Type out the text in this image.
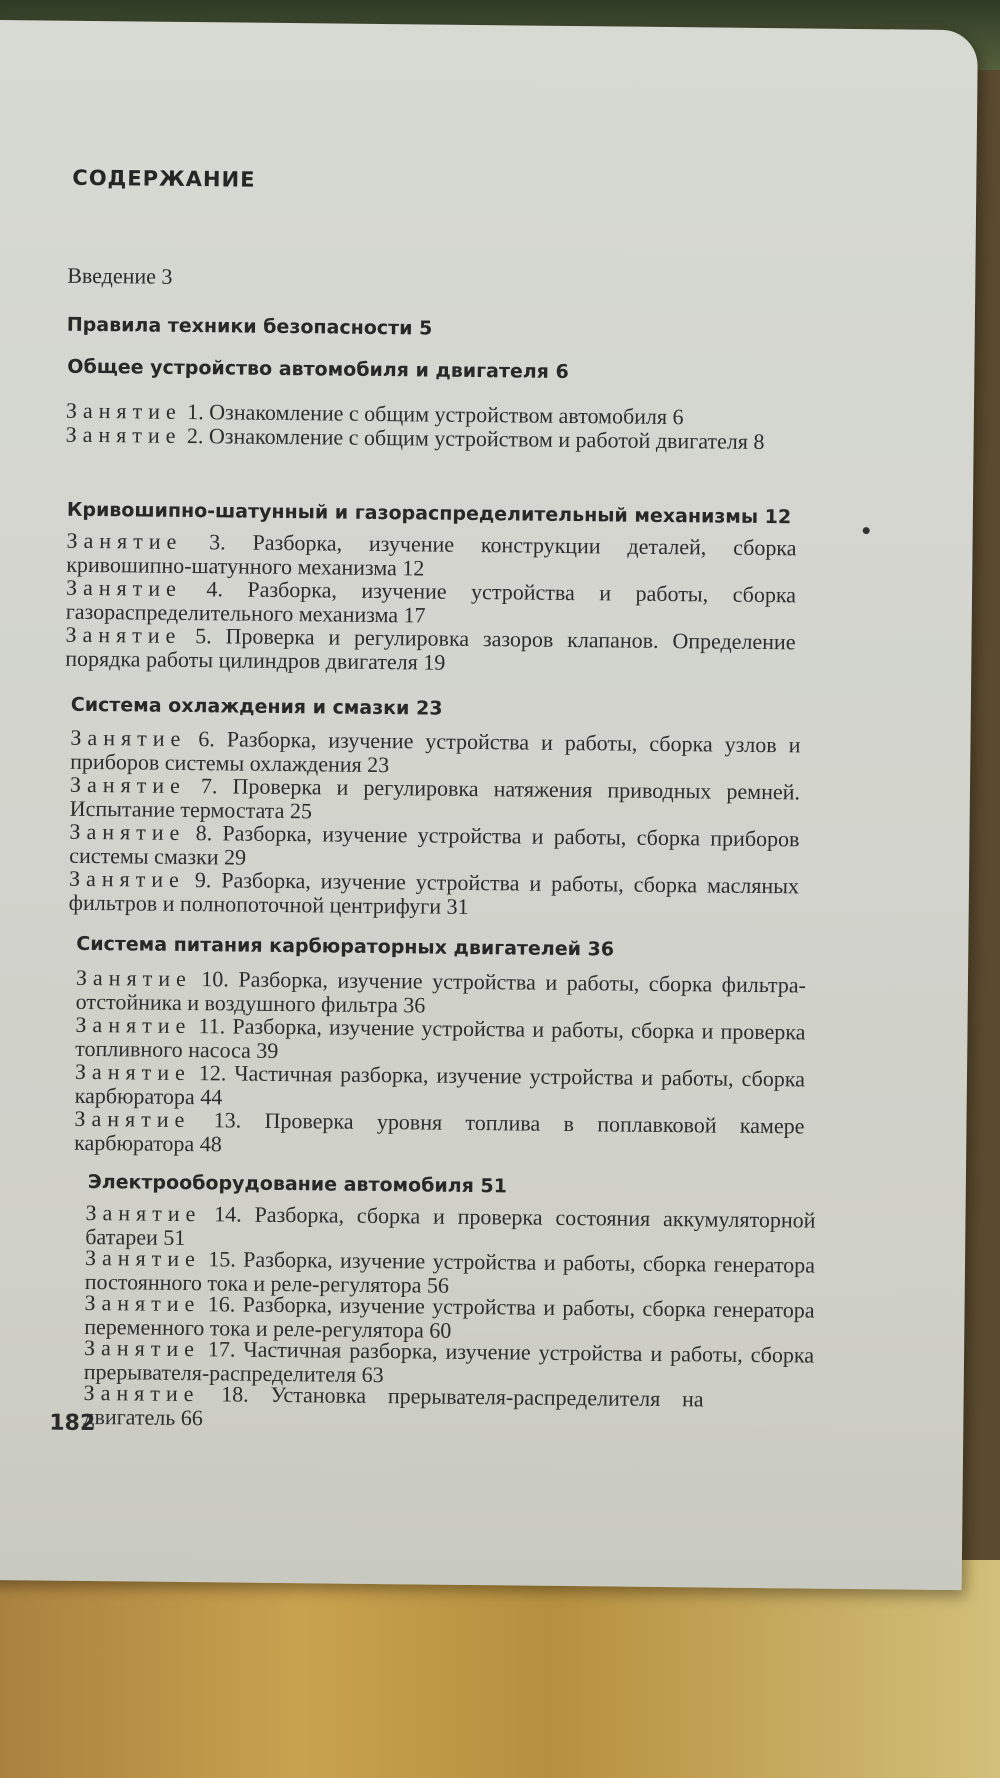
СОДЕРЖАНИЕ

Введение 3

Правила техники безопасности 5

Общее устройство автомобиля и двигателя 6

Занятие 1. Ознакомление с общим устройством автомобиля 6

Занятие 2. Ознакомление с общим устройством и работой двигателя 8

Кривошипно-шатунный и газораспределительный механизмы 12

Занятие 3. Разборка, изучение конструкции деталей, сборка кривошипно-шатунного механизма 12

Занятие 4. Разборка, изучение устройства и работы, сборка газораспределительного механизма 17

Занятие 5. Проверка и регулировка зазоров клапанов. Определение порядка работы цилиндров двигателя 19

Система охлаждения и смазки 23

Занятие 6. Разборка, изучение устройства и работы, сборка узлов и приборов системы охлаждения 23

Занятие 7. Проверка и регулировка натяжения приводных ремней. Испытание термостата 25

Занятие 8. Разборка, изучение устройства и работы, сборка приборов системы смазки 29

Занятие 9. Разборка, изучение устройства и работы, сборка масляных фильтров и полнопоточной центрифуги 31

Система питания карбюраторных двигателей 36

Занятие 10. Разборка, изучение устройства и работы, сборка фильтра-отстойника и воздушного фильтра 36

Занятие 11. Разборка, изучение устройства и работы, сборка и проверка топливного насоса 39

Занятие 12. Частичная разборка, изучение устройства и работы, сборка карбюратора 44

Занятие 13. Проверка уровня топлива в поплавковой камере карбюратора 48

Электрооборудование автомобиля 51

Занятие 14. Разборка, сборка и проверка состояния аккумуляторной батареи 51

Занятие 15. Разборка, изучение устройства и работы, сборка генератора постоянного тока и реле-регулятора 56

Занятие 16. Разборка, изучение устройства и работы, сборка генератора переменного тока и реле-регулятора 60

Занятие 17. Частичная разборка, изучение устройства и работы, сборка прерывателя-распределителя 63

Занятие 18. Установка прерывателя-распределителя на двигатель 66

182
